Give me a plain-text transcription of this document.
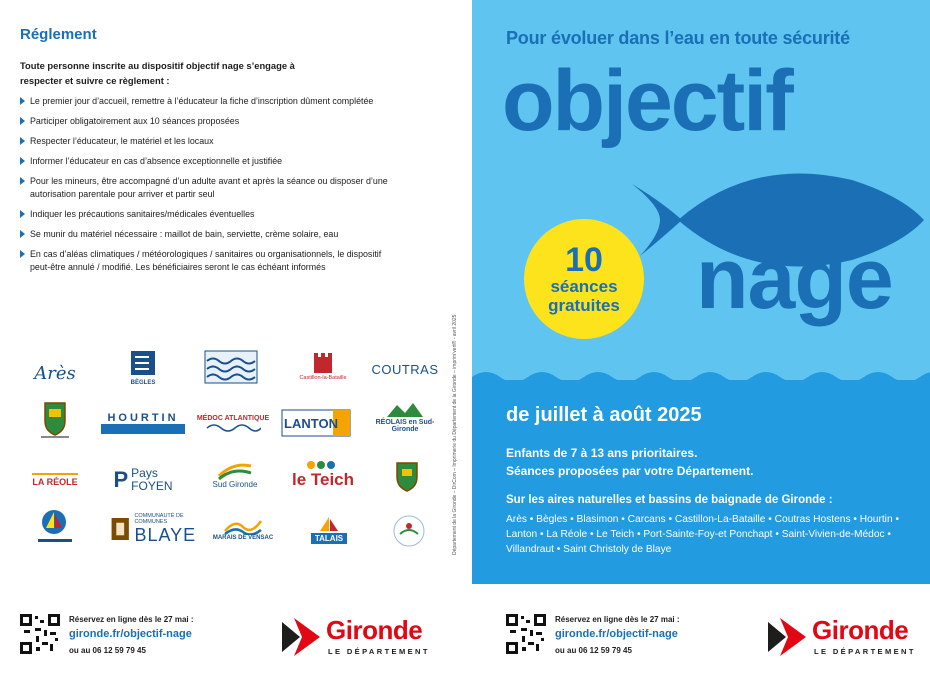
Réglement
Toute personne inscrite au dispositif objectif nage s’engage à respecter et suivre ce règlement :
Le premier jour d’accueil, remettre à l’éducateur la fiche d’inscription dûment complétée
Participer obligatoirement aux 10 séances proposées
Respecter l’éducateur, le matériel et les locaux
Informer l’éducateur en cas d’absence exceptionnelle et justifiée
Pour les mineurs, être accompagné d’un adulte avant et après la séance ou disposer d’une autorisation parentale pour arriver et partir seul
Indiquer les précautions sanitaires/médicales éventuelles
Se munir du matériel nécessaire : maillot de bain, serviette, crème solaire, eau
En cas d’aléas climatiques / météorologiques / sanitaires ou organisationnels, le dispositif peut-être annulé / modifié. Les bénéficiaires seront le cas échéant informés
Arès	BÈGLES
Castillon-la-Bataille
COUTRAS
HOURTIN	MÉDOC ATLANTIQUE LANTON	RÉOLAIS en Sud-Gironde
LA RÉOLE P Pays
FOYEN	Sud Gironde le Teich
COMMUNAUTÉ DE COMMUNES
BLAYE	MARAIS DE VENSAC	TALAIS	Département de la Gironde – DirCom – Imprimerie du Département de la Gironde – imprim’vert® - avril 2025
Réservez en ligne dès le 27 mai :
gironde.fr/objectif-nage
ou au 06 12 59 79 45
Gironde
LE DÉPARTEMENT
Pour évoluer dans l’eau en toute sécurité
objectif
nage
10
séances
gratuites
de juillet à août 2025
Enfants de 7 à 13 ans prioritaires.
Séances proposées par votre Département.
Sur les aires naturelles et bassins de baignade de Gironde :
Arès • Bègles • Blasimon • Carcans • Castillon-La-Bataille • Coutras Hostens • Hourtin • Lanton • La Réole • Le Teich • Port-Sainte-Foy-et Ponchapt • Saint-Vivien-de-Médoc • Villandraut • Saint Christoly de Blaye
Réservez en ligne dès le 27 mai :
gironde.fr/objectif-nage
ou au 06 12 59 79 45
Gironde
LE DÉPARTEMENT
